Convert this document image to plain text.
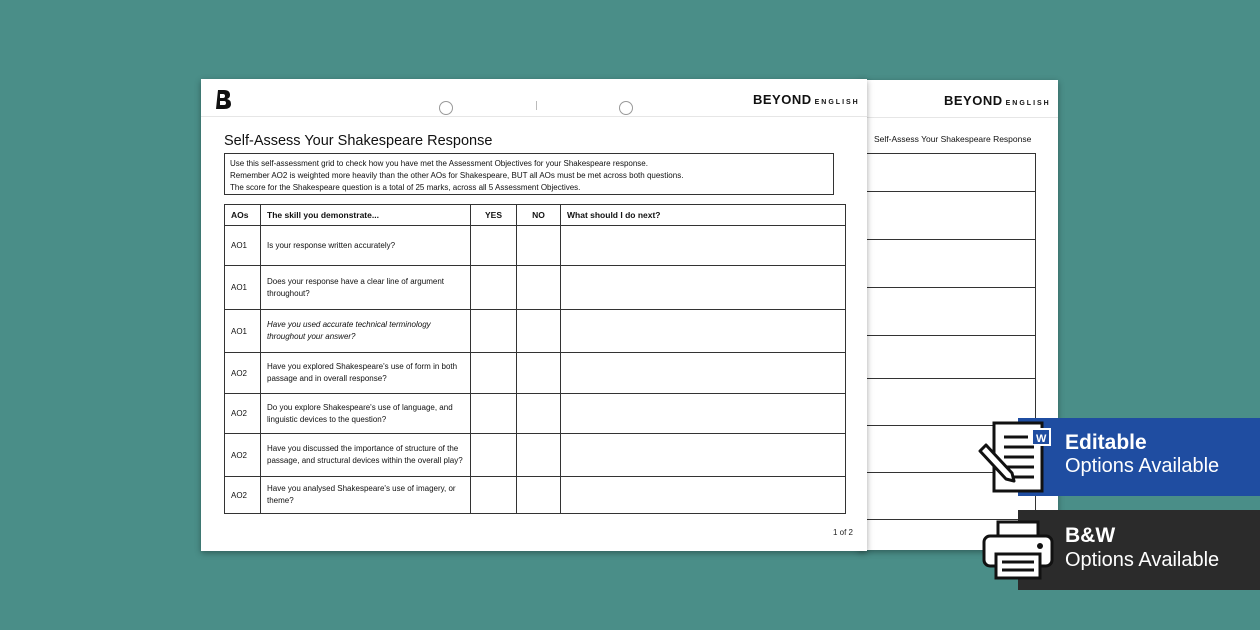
BEYOND ENGLISH
Self-Assess Your Shakespeare Response
BEYOND ENGLISH
Self-Assess Your Shakespeare Response
Use this self-assessment grid to check how you have met the Assessment Objectives for your Shakespeare response.
Remember AO2 is weighted more heavily than the other AOs for Shakespeare, BUT all AOs must be met across both questions.
The score for the Shakespeare question is a total of 25 marks, across all 5 Assessment Objectives.
AOs	The skill you demonstrate...	YES	NO	What should I do next?
AO1	Is your response written accurately?			
AO1	Does your response have a clear line of argument throughout?			
AO1	Have you used accurate technical terminology throughout your answer?			
AO2	Have you explored Shakespeare's use of form in both passage and in overall response?			
AO2	Do you explore Shakespeare's use of language, and linguistic devices to the question?			
AO2	Have you discussed the importance of structure of the passage, and structural devices within the overall play?			
AO2	Have you analysed Shakespeare's use of imagery, or theme?			
1 of 2
Editable
Options Available
W
B&W
Options Available
